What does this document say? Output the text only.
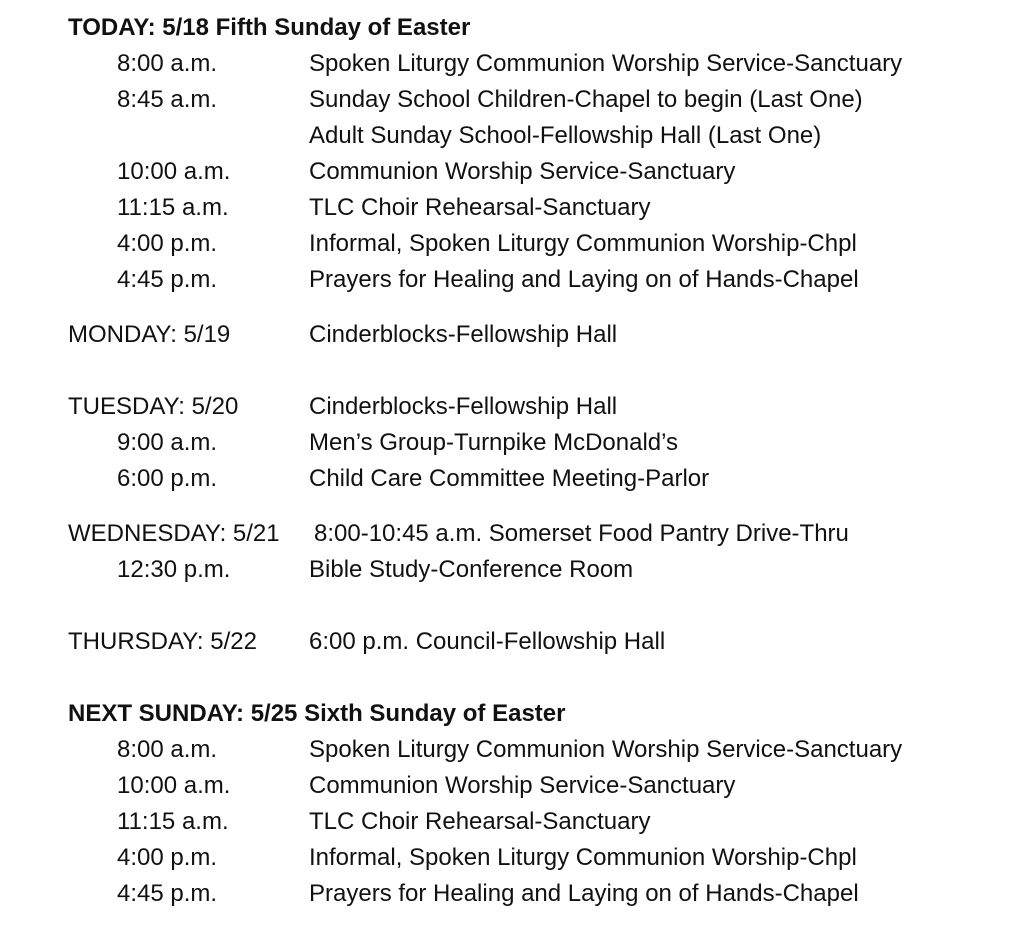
TODAY: 5/18 Fifth Sunday of Easter
8:00 a.m.	Spoken Liturgy Communion Worship Service-Sanctuary
8:45 a.m.	Sunday School Children-Chapel to begin (Last One)
Adult Sunday School-Fellowship Hall (Last One)
10:00 a.m.	Communion Worship Service-Sanctuary
11:15 a.m.	TLC Choir Rehearsal-Sanctuary
4:00 p.m.	Informal, Spoken Liturgy Communion Worship-Chpl
4:45 p.m.	Prayers for Healing and Laying on of Hands-Chapel
MONDAY: 5/19	Cinderblocks-Fellowship Hall
TUESDAY: 5/20	Cinderblocks-Fellowship Hall
9:00 a.m.	Men’s Group-Turnpike McDonald’s
6:00 p.m.	Child Care Committee Meeting-Parlor
WEDNESDAY: 5/21 8:00-10:45 a.m. Somerset Food Pantry Drive-Thru
12:30 p.m.	Bible Study-Conference Room
THURSDAY: 5/22 6:00 p.m. Council-Fellowship Hall
NEXT SUNDAY: 5/25 Sixth Sunday of Easter
8:00 a.m.	Spoken Liturgy Communion Worship Service-Sanctuary
10:00 a.m.	Communion Worship Service-Sanctuary
11:15 a.m.	TLC Choir Rehearsal-Sanctuary
4:00 p.m.	Informal, Spoken Liturgy Communion Worship-Chpl
4:45 p.m.	Prayers for Healing and Laying on of Hands-Chapel
